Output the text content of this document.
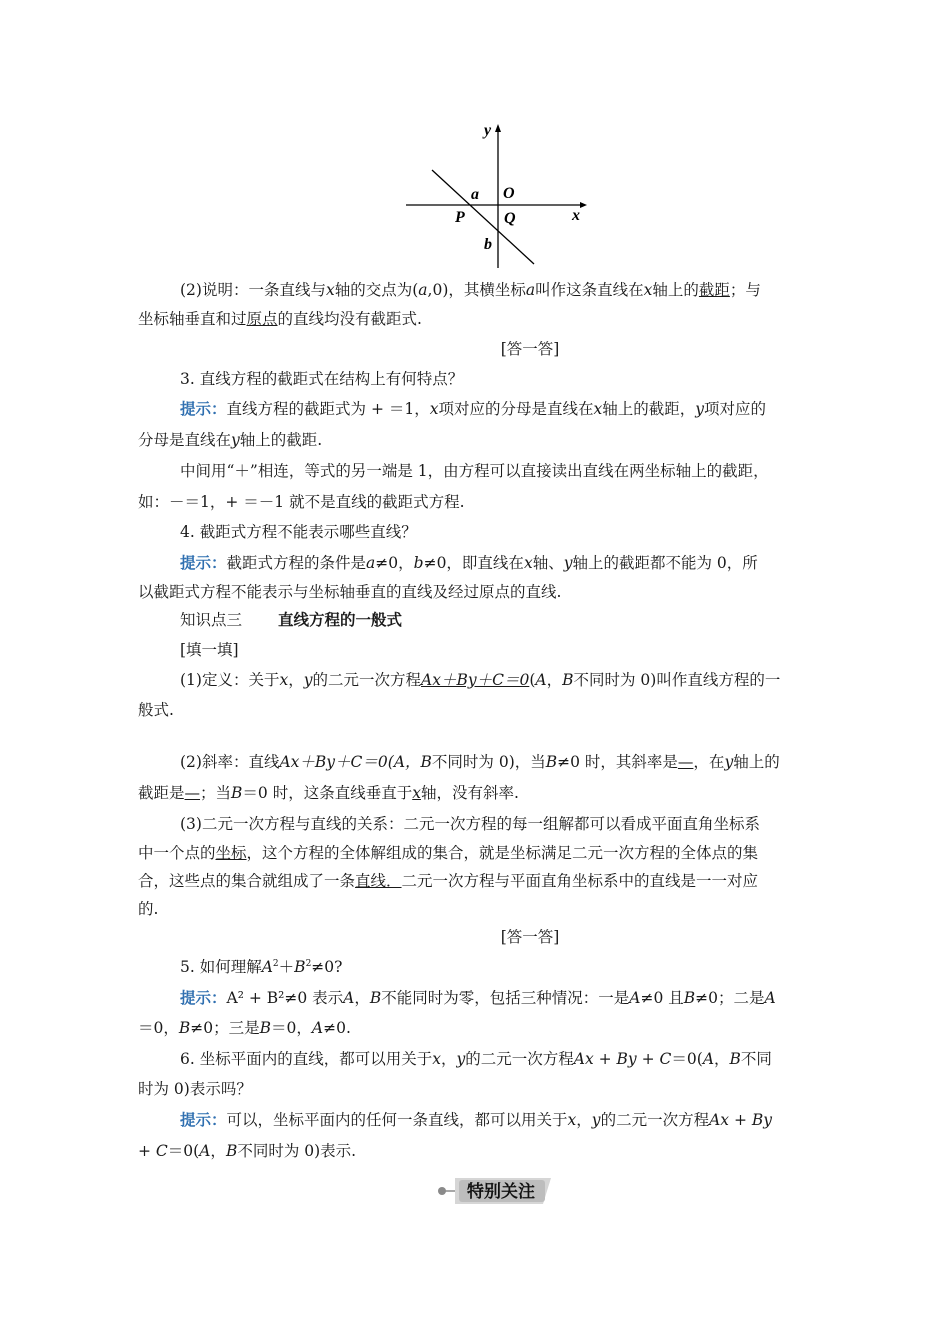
y
x
a O
P Q
b
(2)说明：一条直线与x轴的交点为(a,0)，其横坐标a叫作这条直线在x轴上的截距；与
坐标轴垂直和过原点的直线均没有截距式.
[答一答]
3. 直线方程的截距式在结构上有何特点？
提示：直线方程的截距式为 + ＝1，x项对应的分母是直线在x轴上的截距，y项对应的
分母是直线在y轴上的截距.
中间用“＋”相连，等式的另一端是 1，由方程可以直接读出直线在两坐标轴上的截距，
如：－＝1，+ ＝－1 就不是直线的截距式方程.
4. 截距式方程不能表示哪些直线？
提示：截距式方程的条件是a≠0，b≠0，即直线在x轴、y轴上的截距都不能为 0，所
以截距式方程不能表示与坐标轴垂直的直线及经过原点的直线.
知识点三 直线方程的一般式
[填一填]
(1)定义：关于x，y的二元一次方程Ax＋By＋C＝0(A，B不同时为 0)叫作直线方程的一
般式.
(2)斜率：直线Ax＋By＋C＝0(A，B不同时为 0)，当B≠0 时，其斜率是—，在y轴上的
截距是—；当B＝0 时，这条直线垂直于x轴，没有斜率.
(3)二元一次方程与直线的关系：二元一次方程的每一组解都可以看成平面直角坐标系
中一个点的坐标，这个方程的全体解组成的集合，就是坐标满足二元一次方程的全体点的集
合，这些点的集合就组成了一条直线．二元一次方程与平面直角坐标系中的直线是一一对应
的.
[答一答]
5. 如何理解$A^2+B^2\ne 0$?
提示：A² + B²≠0 表示A，B不能同时为零，包括三种情况：一是A≠0 且B≠0；二是A
＝0，B≠0；三是B＝0，A≠0.
6. 坐标平面内的直线，都可以用关于x，y的二元一次方程Ax + By + C＝0(A，B不同
时为 0)表示吗？
提示：可以，坐标平面内的任何一条直线，都可以用关于x，y的二元一次方程Ax + By
+ C＝0(A，B不同时为 0)表示.
特别关注
